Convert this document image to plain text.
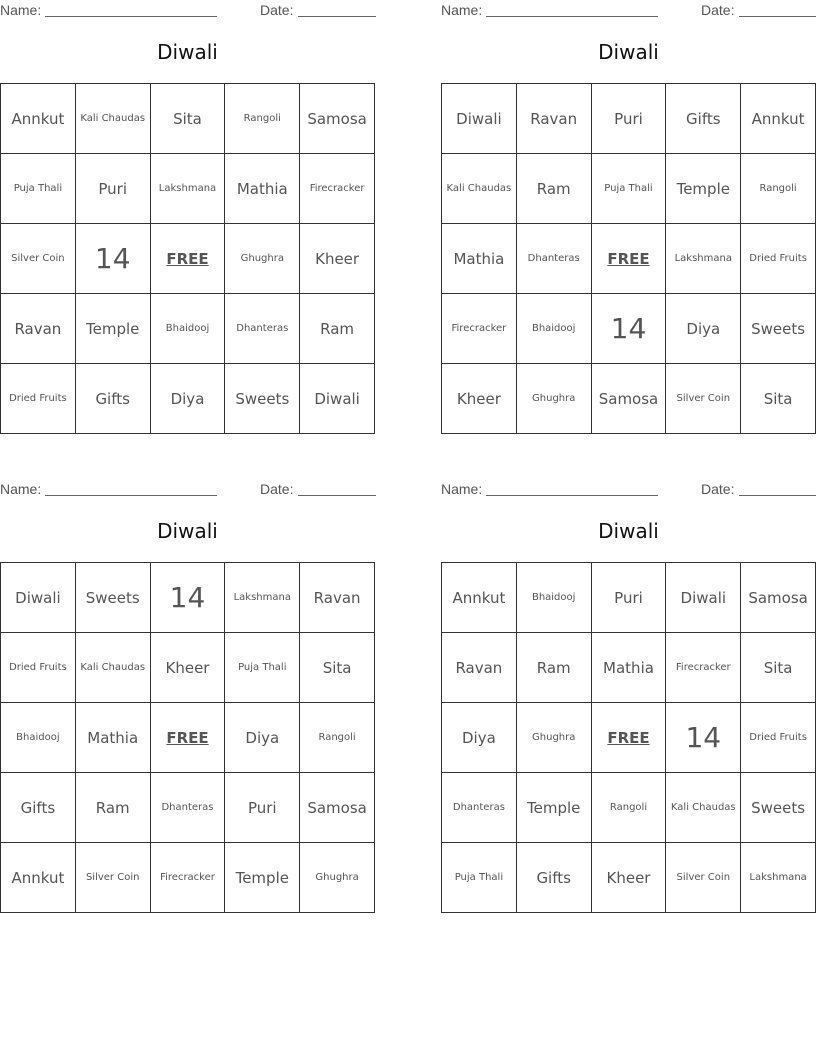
Name:	Date:
Diwali
Annkut	Kali Chaudas	Sita	Rangoli	Samosa
Puja Thali	Puri	Lakshmana	Mathia	Firecracker
Silver Coin	14	FREE	Ghughra	Kheer
Ravan	Temple	Bhaidooj	Dhanteras	Ram
Dried Fruits	Gifts	Diya	Sweets	Diwali
Name:	Date:
Diwali
Diwali	Ravan	Puri	Gifts	Annkut
Kali Chaudas	Ram	Puja Thali	Temple	Rangoli
Mathia	Dhanteras	FREE	Lakshmana	Dried Fruits
Firecracker	Bhaidooj	14	Diya	Sweets
Kheer	Ghughra	Samosa	Silver Coin	Sita
Name:	Date:
Diwali
Diwali	Sweets	14	Lakshmana	Ravan
Dried Fruits	Kali Chaudas	Kheer	Puja Thali	Sita
Bhaidooj	Mathia	FREE	Diya	Rangoli
Gifts	Ram	Dhanteras	Puri	Samosa
Annkut	Silver Coin	Firecracker	Temple	Ghughra
Name:	Date:
Diwali
Annkut	Bhaidooj	Puri	Diwali	Samosa
Ravan	Ram	Mathia	Firecracker	Sita
Diya	Ghughra	FREE	14	Dried Fruits
Dhanteras	Temple	Rangoli	Kali Chaudas	Sweets
Puja Thali	Gifts	Kheer	Silver Coin	Lakshmana
